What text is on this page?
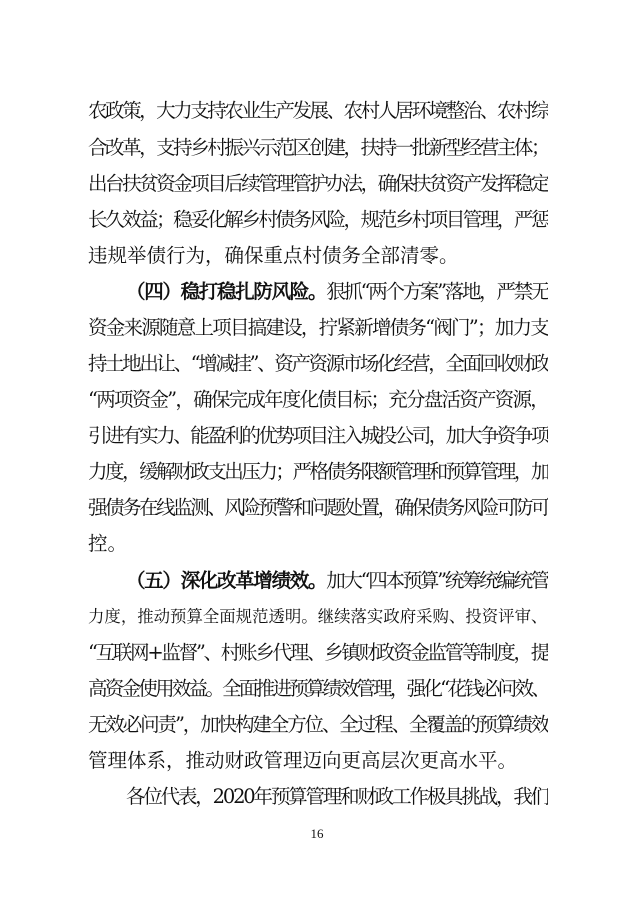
农政策，大力支持农业生产发展、农村人居环境整治、农村综
合改革，支持乡村振兴示范区创建，扶持一批新型经营主体；
出台扶贫资金项目后续管理管护办法，确保扶贫资产发挥稳定
长久效益；稳妥化解乡村债务风险，规范乡村项目管理，严惩
违规举债行为，确保重点村债务全部清零。
（四）稳打稳扎防风险。狠抓“两个方案”落地，严禁无
资金来源随意上项目搞建设，拧紧新增债务“阀门”；加力支
持土地出让、“增减挂”、资产资源市场化经营，全面回收财政
“两项资金”，确保完成年度化债目标；充分盘活资产资源，
引进有实力、能盈利的优势项目注入城投公司，加大争资争项
力度，缓解财政支出压力；严格债务限额管理和预算管理，加
强债务在线监测、风险预警和问题处置，确保债务风险可防可
控。
（五）深化改革增绩效。加大“四本预算”统筹统编统管
力度，推动预算全面规范透明。继续落实政府采购、投资评审、
“互联网+监督”、村账乡代理、乡镇财政资金监管等制度，提
高资金使用效益。全面推进预算绩效管理，强化“花钱必问效、
无效必问责”，加快构建全方位、全过程、全覆盖的预算绩效
管理体系，推动财政管理迈向更高层次更高水平。
各位代表，2020年预算管理和财政工作极具挑战，我们
16
